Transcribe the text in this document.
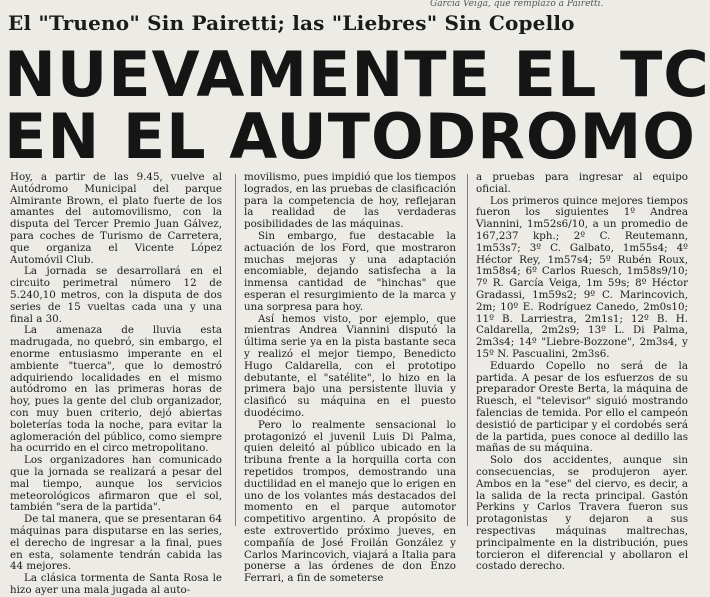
García Veiga, que remplazó a Pairetti.
El "Trueno" Sin Pairetti; las "Liebres" Sin Copello
NUEVAMENTE EL TC
EN EL AUTODROMO

Hoy, a partir de las 9.45, vuelve al Autódromo Municipal del parque Almirante Brown, el plato fuerte de los amantes del automovilismo, con la disputa del Tercer Premio Juan Gálvez, para coches de Turismo de Carretera, que organiza el Vicente López Automóvil Club.

La jornada se desarrollará en el circuito perimetral número 12 de 5.240,10 metros, con la disputa de dos series de 15 vueltas cada una y una final a 30.

La amenaza de lluvia esta madrugada, no quebró, sin embargo, el enorme entusiasmo imperante en el ambiente "tuerca", que lo demostró adquiriendo localidades en el mismo autódromo en las primeras horas de hoy, pues la gente del club organizador, con muy buen criterio, dejó abiertas boleterías toda la noche, para evitar la aglomeración del público, como siempre ha ocurrido en el circo metropolitano.

Los organizadores han comunicado que la jornada se realizará a pesar del mal tiempo, aunque los servicios meteorológicos afirmaron que el sol, también "sera de la partida".

De tal manera, que se presentaran 64 máquinas para disputarse en las series, el derecho de ingresar a la final, pues en esta, solamente tendrán cabida las 44 mejores.

La clásica tormenta de Santa Rosa le hizo ayer una mala jugada al auto-

movilismo, pues impidió que los tiempos logrados, en las pruebas de clasificación para la competencia de hoy, reflejaran la realidad de las verdaderas posibilidades de las máquinas.

Sin embargo, fue destacable la actuación de los Ford, que mostraron muchas mejoras y una adaptación encomiable, dejando satisfecha a la inmensa cantidad de "hinchas" que esperan el resurgimiento de la marca y una sorpresa para hoy.

Así hemos visto, por ejemplo, que mientras Andrea Viannini disputó la última serie ya en la pista bastante seca y realizó el mejor tiempo, Benedicto Hugo Caldarella, con el prototipo debutante, el "satélite", lo hizo en la primera bajo una persistente lluvia y clasificó su máquina en el puesto duodécimo.

Pero lo realmente sensacional lo protagonizó el juvenil Luis Di Palma, quien deleitó al público ubicado en la tribuna frente a la horquilla corta con repetidos trompos, demostrando una ductilidad en el manejo que lo erigen en uno de los volantes más destacados del momento en el parque automotor competitivo argentino. A propósito de este extrovertido próximo jueves, en compañía de José Froilán González y Carlos Marincovich, viajará a Italia para ponerse a las órdenes de don Enzo Ferrari, a fin de someterse

a pruebas para ingresar al equipo oficial.

Los primeros quince mejores tiempos fueron los siguientes 1º Andrea Viannini, 1m52s6/10, a un promedio de 167,237 kph.; 2º C. Reutemann, 1m53s7; 3º C. Galbato, 1m55s4; 4º Héctor Rey, 1m57s4; 5º Rubén Roux, 1m58s4; 6º Carlos Ruesch, 1m58s9/10; 7º R. García Veiga, 1m 59s; 8º Héctor Gradassi, 1m59s2; 9º C. Marincovich, 2m; 10º E. Rodríguez Canedo, 2m0s10; 11º B. Larriestra, 2m1s1; 12º B. H. Caldarella, 2m2s9; 13º L. Di Palma, 2m3s4; 14º "Liebre-Bozzone", 2m3s4, y 15º N. Pascualini, 2m3s6.

Eduardo Copello no será de la partida. A pesar de los esfuerzos de su preparador Oreste Berta, la máquina de Ruesch, el "televisor" siguió mostrando falencias de temida. Por ello el campeón desistió de participar y el cordobés será de la partida, pues conoce al dedillo las mañas de su máquina.

Solo dos accidentes, aunque sin consecuencias, se produjeron ayer. Ambos en la "ese" del ciervo, es decir, a la salida de la recta principal. Gastón Perkins y Carlos Travera fueron sus protagonistas y dejaron a sus respectivas máquinas maltrechas, principalmente en la distribución, pues torcieron el diferencial y abollaron el costado derecho.
